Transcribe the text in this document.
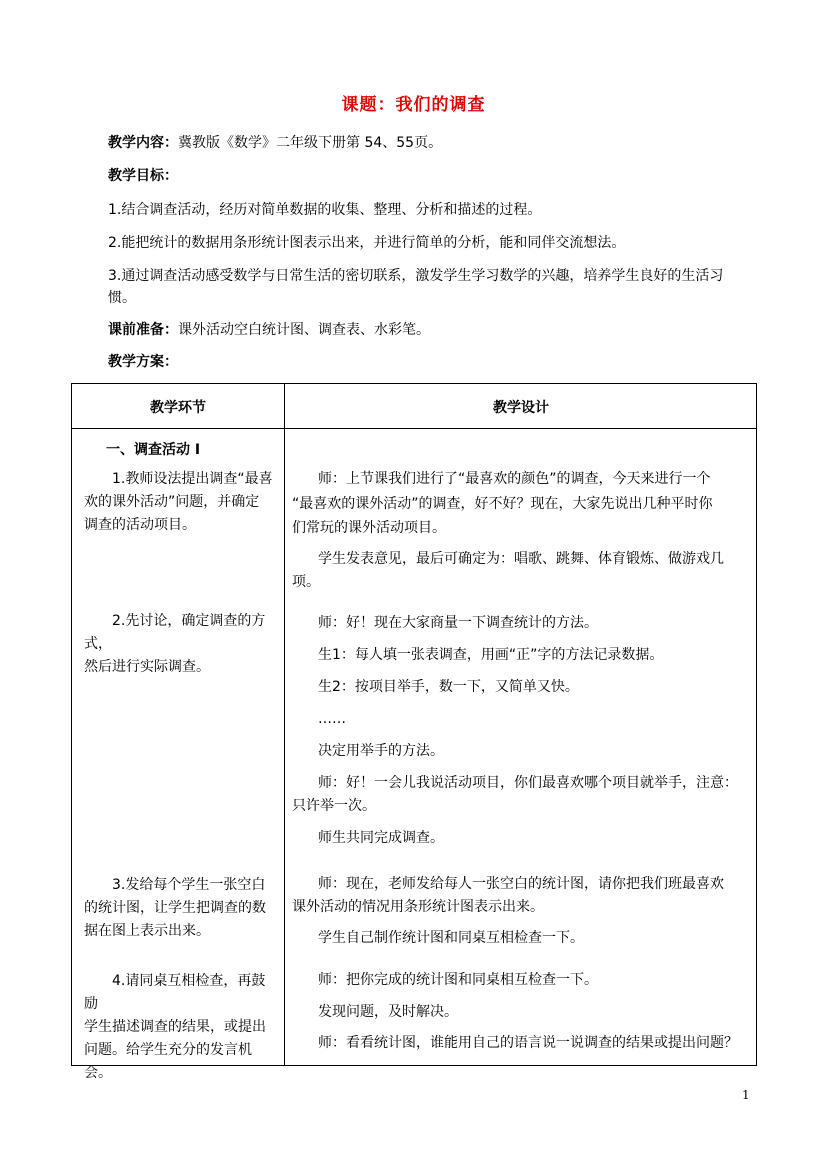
课题：我们的调查
教学内容：冀教版《数学》二年级下册第 54、55页。
教学目标：
1.结合调查活动，经历对简单数据的收集、整理、分析和描述的过程。
2.能把统计的数据用条形统计图表示出来，并进行简单的分析，能和同伴交流想法。
3.通过调查活动感受数学与日常生活的密切联系，激发学生学习数学的兴趣，培养学生良好的生活习
惯。
课前准备：课外活动空白统计图、调查表、水彩笔。
教学方案：
教学环节	教学设计
一、调查活动 I
1.教师设法提出调查“最喜
欢的课外活动”问题，并确定
调查的活动项目。
2.先讨论，确定调查的方式，
然后进行实际调查。
3.发给每个学生一张空白
的统计图，让学生把调查的数
据在图上表示出来。
4.请同桌互相检查，再鼓励
学生描述调查的结果，或提出
问题。给学生充分的发言机会。
师：上节课我们进行了“最喜欢的颜色”的调查，今天来进行一个
“最喜欢的课外活动”的调查，好不好？现在，大家先说出几种平时你
们常玩的课外活动项目。
学生发表意见，最后可确定为：唱歌、跳舞、体育锻炼、做游戏几
项。
师：好！现在大家商量一下调查统计的方法。
生1：每人填一张表调查，用画“正”字的方法记录数据。
生2：按项目举手，数一下，又简单又快。
……
决定用举手的方法。
师：好！一会儿我说活动项目，你们最喜欢哪个项目就举手，注意：
只许举一次。
师生共同完成调查。
师：现在，老师发给每人一张空白的统计图，请你把我们班最喜欢
课外活动的情况用条形统计图表示出来。
学生自己制作统计图和同桌互相检查一下。
师：把你完成的统计图和同桌相互检查一下。
发现问题，及时解决。
师：看看统计图，谁能用自己的语言说一说调查的结果或提出问题？
1
